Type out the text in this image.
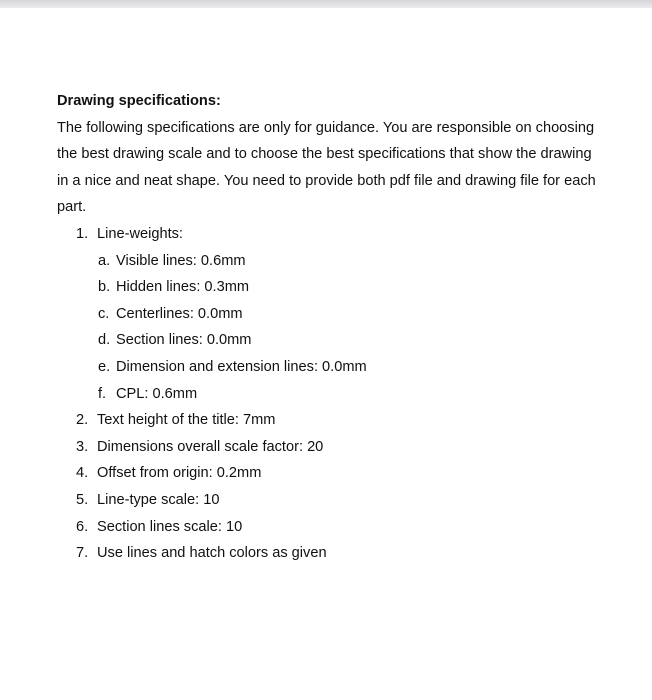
Drawing specifications:

The following specifications are only for guidance. You are responsible on choosing the best drawing scale and to choose the best specifications that show the drawing in a nice and neat shape. You need to provide both pdf file and drawing file for each part.

1. Line-weights:
a. Visible lines: 0.6mm
b. Hidden lines: 0.3mm
c. Centerlines: 0.0mm
d. Section lines: 0.0mm
e. Dimension and extension lines: 0.0mm
f. CPL: 0.6mm
2. Text height of the title: 7mm
3. Dimensions overall scale factor: 20
4. Offset from origin: 0.2mm
5. Line-type scale: 10
6. Section lines scale: 10
7. Use lines and hatch colors as given
